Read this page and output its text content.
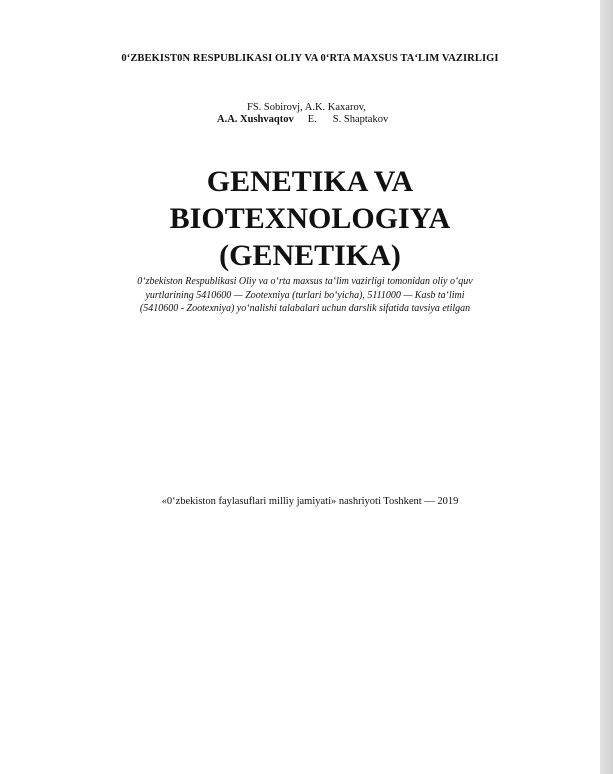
0‘ZBEKIST0N RESPUBLIKASI OLIY VA 0‘RTA MAXSUS TA‘LIM VAZIRLIGI
FS. Sobirovj, A.K. Kaxarov,
A.A. Xushvaqtov E. S. Shaptakov
GENETIKA VA
BIOTEXNOLOGIYA
(GENETIKA)
0‘zbekiston Respublikasi Oliy va o‘rta maxsus ta‘lim vazirligi tomonidan oliy o‘quv yurtlarining 5410600 — Zootexniya (turlari bo‘yicha), 5111000 — Kasb ta‘limi (5410600 - Zootexniya) yo‘nalishi talabalari uchun darslik sifatida tavsiya etilgan
«0‘zbekiston faylasuflari milliy jamiyati» nashriyoti Toshkent — 2019
